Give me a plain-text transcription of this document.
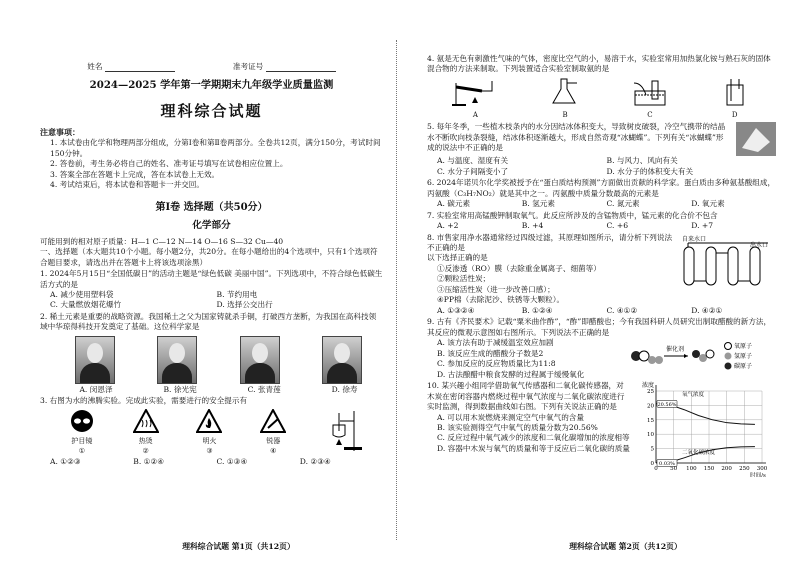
姓名	准考证号
2024—2025 学年第一学期期末九年级学业质量监测
理科综合试题
注意事项：
1. 本试卷由化学和物理两部分组成，分第Ⅰ卷和第Ⅱ卷两部分。全卷共12页，满分150分，考试时间150分钟。
2. 答卷前，考生务必将自己的姓名、准考证号填写在试卷相应位置上。
3. 答案全部在答题卡上完成，答在本试卷上无效。
4. 考试结束后，将本试卷和答题卡一并交回。
第Ⅰ卷 选择题（共50分）
化学部分
可能用到的相对原子质量：H—1 C—12 N—14 O—16 S—32 Cu—40
一、选择题（本大题共10个小题。每小题2分，共20分。在每小题给出的4个选项中，只有1个选项符合题目要求，请选出并在答题卡上将该选项涂黑）
1. 2024年5月15日“全国低碳日”的活动主题是“绿色低碳 美丽中国”。下列选项中，不符合绿色低碳生活方式的是
A. 减少使用塑料袋	B. 节约用电
C. 大量燃放烟花爆竹	D. 选择公交出行
2. 稀土元素是重要的战略资源。我国稀土之父为国家铸就杀手铜，打破西方垄断，为我国在高科技领域中华琼得科技开发奠定了基础。这位科学家是
A. 闵恩泽	B. 徐光宪	C. 张青莲	D. 徐寿
3. 右图为水的沸腾实验。完成此实验，需要进行的安全提示有
护目镜
①
热烫
②
明火
③
锐器
④
A. ①②③	B. ①②④	C. ①③④	D. ②③④
理科综合试题 第1页（共12页）
4. 氨是无色有刺激性气味的气体，密度比空气的小，易溶于水，实验室常用加热氯化铵与熟石灰的固体混合物的方法来制取。下列装置适合实验室制取氨的是
A	B	C	D
5. 每年冬季，一些植木枝条内的水分因结冰体积变大，导致树皮破裂，冷空气携带的结晶水不断吹向枝条裂缝，结冰体积逐渐越大，形成自然奇观“冰蝴蝶”。下列有关“冰蝴蝶”形成的说法中不正确的是
A. 与温度、湿度有关	B. 与风力、风向有关
C. 水分子间隔变小了	D. 水分子的体积变大有关
6. 2024年诺贝尔化学奖被授予在“蛋白质结构预测”方面做出贡献的科学家。蛋白质由多种氨基酸组成，丙氨酸（C₃H₇NO₂）就是其中之一。丙氨酸中质量分数最高的元素是
A. 碳元素	B. 氢元素	C. 氮元素	D. 氧元素
7. 实验室常用高锰酸钾制取氧气。此反应所涉及的含锰物质中，锰元素的化合价不包含
A. +2	B. +4	C. +6	D. +7
8. 市售家用净水器通常经过四级过滤，其原理如图所示，请分析下列说法不正确的是
以下选择正确的是
①反渗透（RO）膜（去除重金属离子、细菌等）
②颗粒活性炭；
③压缩活性炭（进一步改善口感）；
④PP棉（去除泥沙、铁锈等大颗粒）。
自来水口
出水口
A. ①③②④	B. ①②④	C. ④①②	D. ④②①
9. 古有《齐民要术》记载“粟米曲作酢”，“酢”即醋酸也；今有我国科研人员研究出制取醋酸的新方法，其反应的微观示意图如右图所示。下列说法不正确的是
A. 该方法有助于减缓温室效应加剧
B. 该反应生成的醋酸分子数是2
C. 参加反应的反应物质量比为11:8
D. 古法酿醋中粮食发酵的过程属于缓慢氧化
催化剂	氧原子
氢原子
碳原子
10. 某兴趣小组同学借助氧气传感器和二氧化碳传感器，对木炭在密闭容器内燃烧过程中氧气浓度与二氧化碳浓度进行实时监测，得到数据曲线如右图。下列有关说法正确的是
A. 可以用木炭燃烧来测定空气中氧气的含量
B. 该实验测得空气中氧气的质量分数为20.56%
C. 反应过程中氧气减少的浓度和二氧化碳增加的浓度相等
D. 容器中木炭与氧气的质量和等于反应后二氧化碳的质量
0
5
10
15
20
25
0 50 100 150 200 250 300
浓度
时间/s
氧气浓度
20.56%
二氧化碳浓度
0.03%
理科综合试题 第2页（共12页）
